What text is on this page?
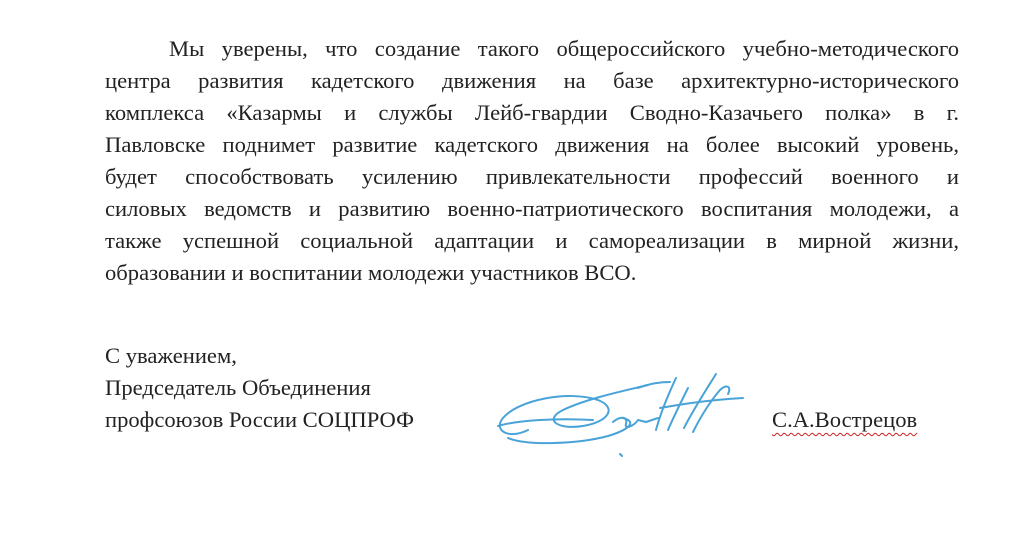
Мы уверены, что создание такого общероссийского учебно-методического
центра развития кадетского движения на базе архитектурно-исторического
комплекса «Казармы и службы Лейб-гвардии Сводно-Казачьего полка» в г.
Павловске поднимет развитие кадетского движения на более высокий уровень,
будет способствовать усилению привлекательности профессий военного и
силовых ведомств и развитию военно-патриотического воспитания молодежи, а
также успешной социальной адаптации и самореализации в мирной жизни,
образовании и воспитании молодежи участников ВСО.
С уважением,
Председатель Объединения
профсоюзов России СОЦПРОФ	С.А.Вострецов
